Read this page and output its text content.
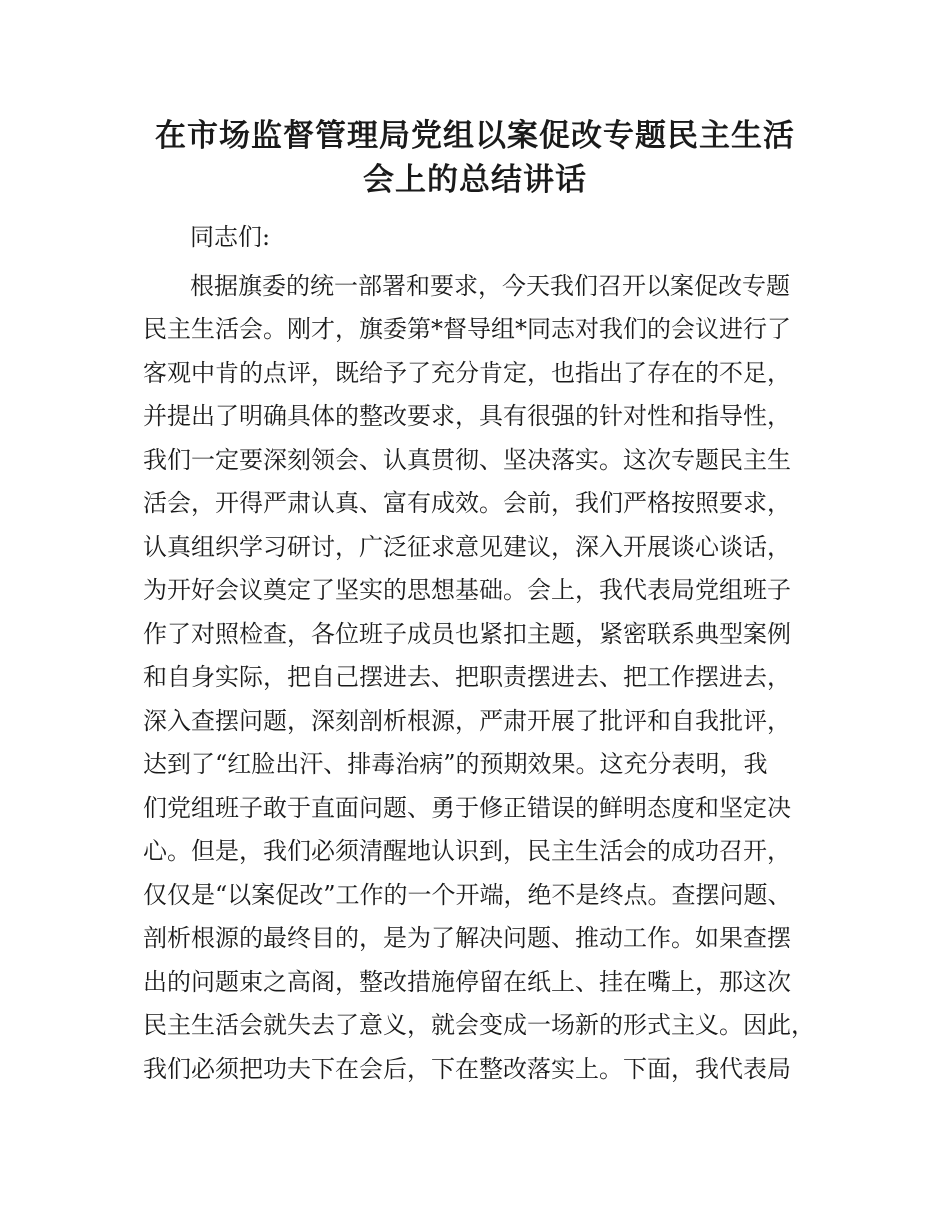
在市场监督管理局党组以案促改专题民主生活
会上的总结讲话

同志们:

根据旗委的统一部署和要求，今天我们召开以案促改专题

民主生活会。刚才，旗委第*督导组*同志对我们的会议进行了

客观中肯的点评，既给予了充分肯定，也指出了存在的不足，

并提出了明确具体的整改要求，具有很强的针对性和指导性，

我们一定要深刻领会、认真贯彻、坚决落实。这次专题民主生

活会，开得严肃认真、富有成效。会前，我们严格按照要求，

认真组织学习研讨，广泛征求意见建议，深入开展谈心谈话，

为开好会议奠定了坚实的思想基础。会上，我代表局党组班子

作了对照检查，各位班子成员也紧扣主题，紧密联系典型案例

和自身实际，把自己摆进去、把职责摆进去、把工作摆进去，

深入查摆问题，深刻剖析根源，严肃开展了批评和自我批评，

达到了“红脸出汗、排毒治病”的预期效果。这充分表明，我

们党组班子敢于直面问题、勇于修正错误的鲜明态度和坚定决

心。但是，我们必须清醒地认识到，民主生活会的成功召开，

仅仅是“以案促改”工作的一个开端，绝不是终点。查摆问题、

剖析根源的最终目的，是为了解决问题、推动工作。如果查摆

出的问题束之高阁，整改措施停留在纸上、挂在嘴上，那这次

民主生活会就失去了意义，就会变成一场新的形式主义。因此，

我们必须把功夫下在会后，下在整改落实上。下面，我代表局
